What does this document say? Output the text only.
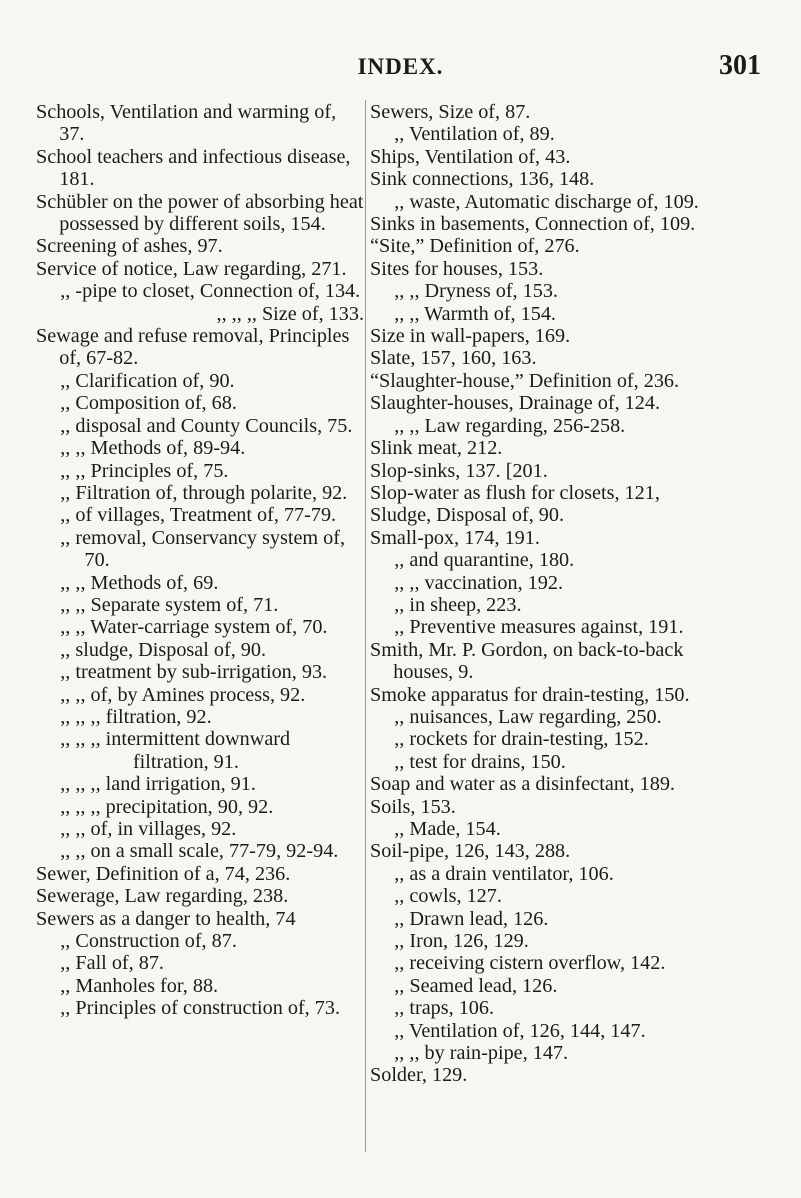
INDEX.	301

Schools, Ventilation and warming of, 37.

School teachers and infectious disease, 181.

Schübler on the power of absorbing heat possessed by different soils, 154.

Screening of ashes, 97.

Service of notice, Law regarding, 271.

,, -pipe to closet, Connection of, 134.

,, ,, ,, Size of, 133.

Sewage and refuse removal, Principles of, 67-82.

,, Clarification of, 90.

,, Composition of, 68.

,, disposal and County Councils, 75.

,, ,, Methods of, 89-94.

,, ,, Principles of, 75.

,, Filtration of, through polarite, 92.

,, of villages, Treatment of, 77-79.

,, removal, Conservancy system of, 70.

,, ,, Methods of, 69.

,, ,, Separate system of, 71.

,, ,, Water-carriage system of, 70.

,, sludge, Disposal of, 90.

,, treatment by sub-irrigation, 93.

,, ,, of, by Amines process, 92.

,, ,, ,, filtration, 92.

,, ,, ,, intermittent downward filtration, 91.

,, ,, ,, land irrigation, 91.

,, ,, ,, precipitation, 90, 92.

,, ,, of, in villages, 92.

,, ,, on a small scale, 77-79, 92-94.

Sewer, Definition of a, 74, 236.

Sewerage, Law regarding, 238.

Sewers as a danger to health, 74

,, Construction of, 87.

,, Fall of, 87.

,, Manholes for, 88.

,, Principles of construction of, 73.

Sewers, Size of, 87.

,, Ventilation of, 89.

Ships, Ventilation of, 43.

Sink connections, 136, 148.

,, waste, Automatic discharge of, 109.

Sinks in basements, Connection of, 109.

“Site,” Definition of, 276.

Sites for houses, 153.

,, ,, Dryness of, 153.

,, ,, Warmth of, 154.

Size in wall-papers, 169.

Slate, 157, 160, 163.

“Slaughter-house,” Definition of, 236.

Slaughter-houses, Drainage of, 124.

,, ,, Law regarding, 256-258.

Slink meat, 212.

Slop-sinks, 137. [201.

Slop-water as flush for closets, 121,

Sludge, Disposal of, 90.

Small-pox, 174, 191.

,, and quarantine, 180.

,, ,, vaccination, 192.

,, in sheep, 223.

,, Preventive measures against, 191.

Smith, Mr. P. Gordon, on back-to-back houses, 9.

Smoke apparatus for drain-testing, 150.

,, nuisances, Law regarding, 250.

,, rockets for drain-testing, 152.

,, test for drains, 150.

Soap and water as a disinfectant, 189.

Soils, 153.

,, Made, 154.

Soil-pipe, 126, 143, 288.

,, as a drain ventilator, 106.

,, cowls, 127.

,, Drawn lead, 126.

,, Iron, 126, 129.

,, receiving cistern overflow, 142.

,, Seamed lead, 126.

,, traps, 106.

,, Ventilation of, 126, 144, 147.

,, ,, by rain-pipe, 147.

Solder, 129.
